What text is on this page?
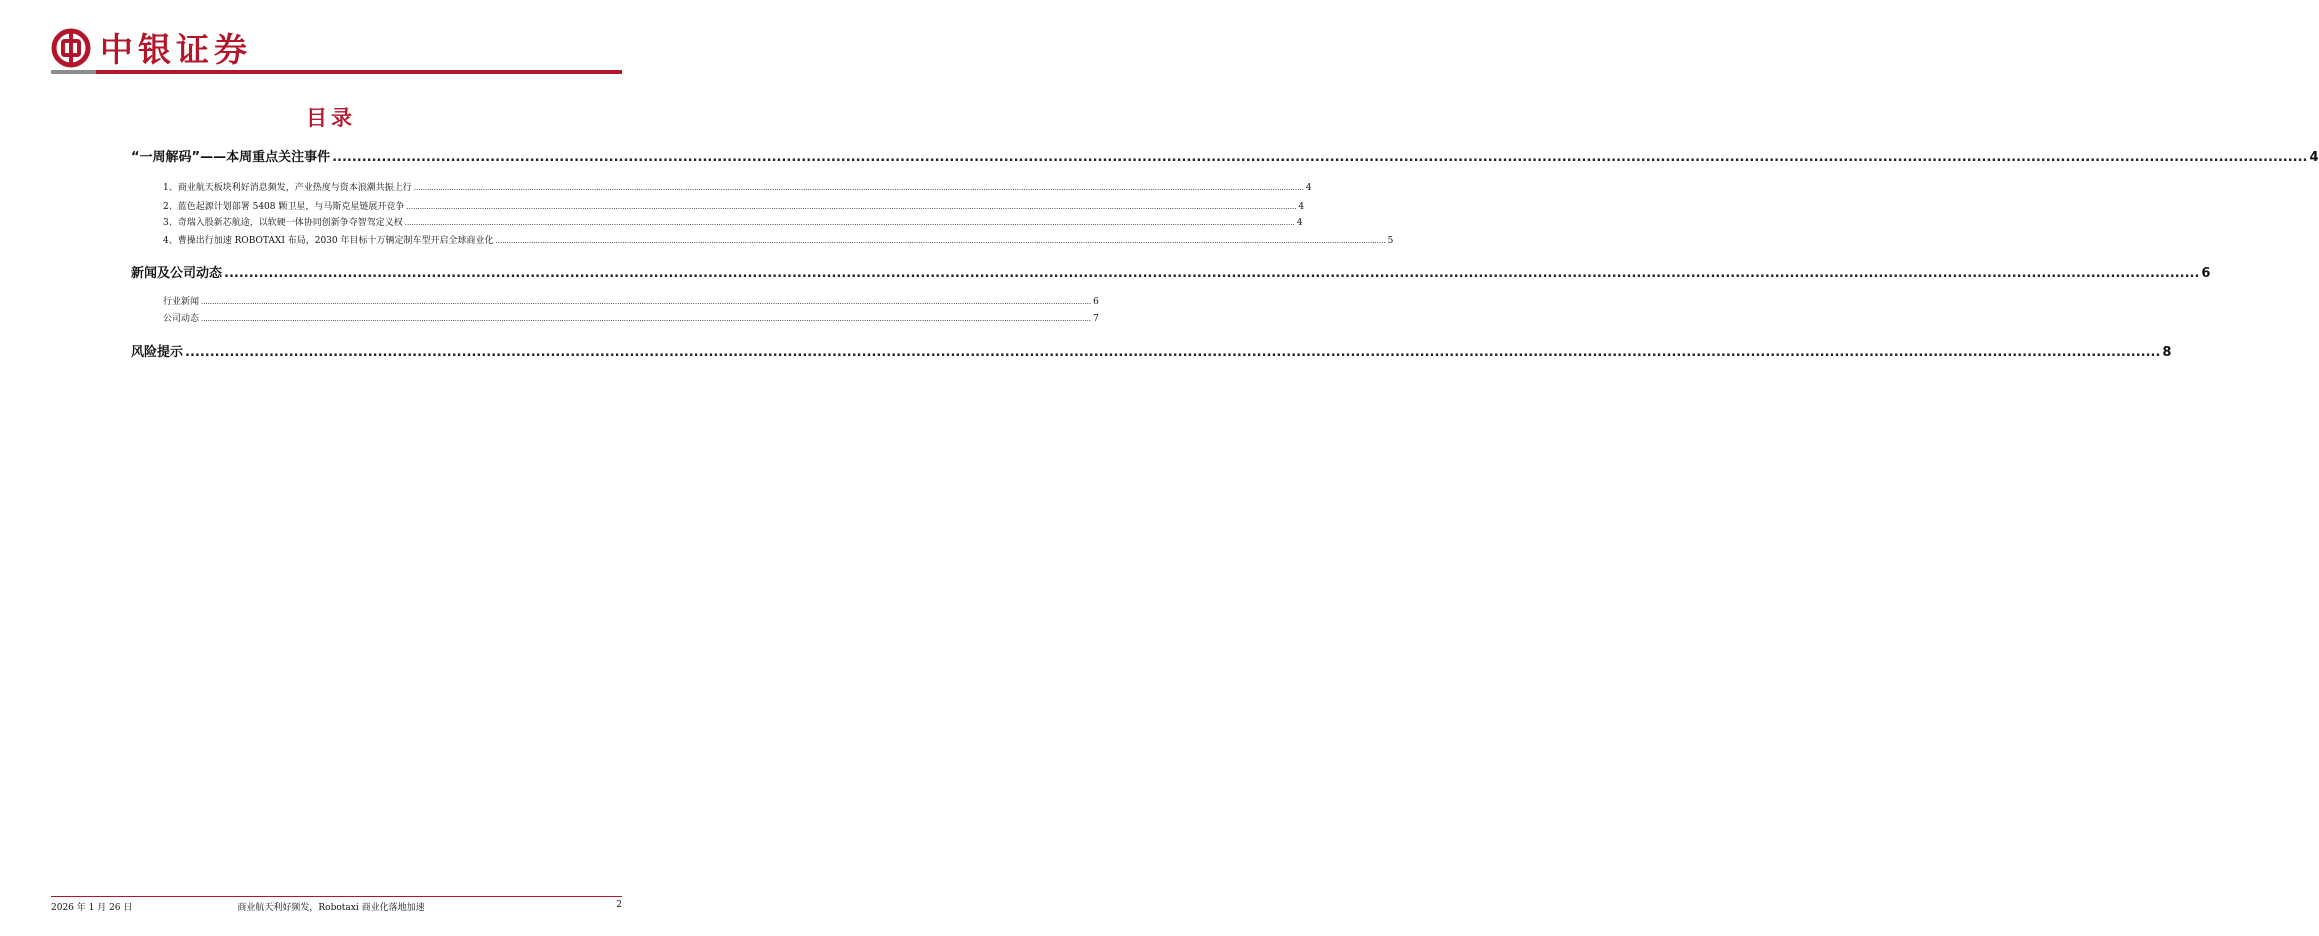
中银证券
目录
“一周解码”——本周重点关注事件 ................................................................................................................................................................................................................................................................................................................................................................................................................ 4
1、商业航天板块利好消息频发，产业热度与资本浪潮共振上行 ................................................................................................................................................................................................................................................................................................................................................................................................................ 4
2、蓝色起源计划部署 5408 颗卫星，与马斯克星链展开竞争 ................................................................................................................................................................................................................................................................................................................................................................................................................ 4
3、奇瑞入股新芯航途，以软硬一体协同创新争夺智驾定义权 ................................................................................................................................................................................................................................................................................................................................................................................................................ 4
4、曹操出行加速 ROBOTAXI 布局，2030 年目标十万辆定制车型开启全球商业化 ................................................................................................................................................................................................................................................................................................................................................................................................................ 5
新闻及公司动态 ................................................................................................................................................................................................................................................................................................................................................................................................................ 6
行业新闻 ................................................................................................................................................................................................................................................................................................................................................................................................................ 6
公司动态 ................................................................................................................................................................................................................................................................................................................................................................................................................ 7
风险提示 ................................................................................................................................................................................................................................................................................................................................................................................................................ 8
2026 年 1 月 26 日	商业航天利好频发，Robotaxi 商业化落地加速	2
